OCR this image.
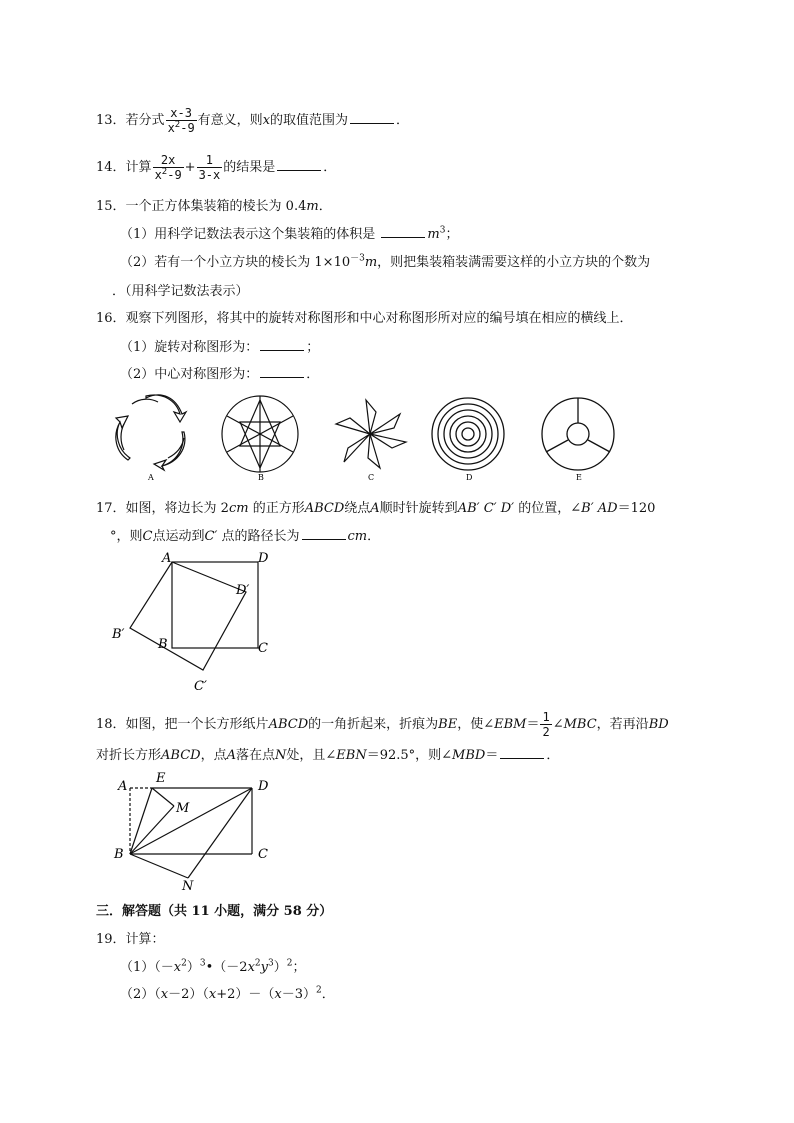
13．若分式 $\frac{x-3}{x^2-9}$ 有意义，则x的取值范围为	．
14．计算 $\frac{2x}{x^2-9} + \frac{1}{3-x}$ 的结果是	．
15．一个正方体集装箱的棱长为 0.4m．
（1）用科学记数法表示这个集装箱的体积是	$m^3$；
（2）若有一个小立方块的棱长为 $1\times 10^{-3}m$，则把集装箱装满需要这样的小立方块的个数为
．（用科学记数法表示）
16．观察下列图形，将其中的旋转对称图形和中心对称图形所对应的编号填在相应的横线上．
（1）旋转对称图形为：	；
（2）中心对称图形为：	．
A	B	C	D	E
17．如图，将边长为 2cm 的正方形ABCD绕点A顺时针旋转到AB′ C′ D′ 的位置，∠B′ AD＝120
°，则C点运动到C′ 点的路径长为	cm．
A	D
D′
B′
B	C
C′
18．如图，把一个长方形纸片ABCD的一角折起来，折痕为BE，使∠EBM＝ $\frac{1}{2}$ ∠MBC，若再沿BD
对折长方形ABCD，点A落在点N处，且∠EBN＝92.5°，则∠MBD＝	．
A
E
D
M
B	C
N
三．解答题（共 11 小题，满分 58 分）
19．计算：
$(1)(-x^2)^3•(-2x^2y^3)^2$；
$(2)(x-2)(x+2)-(x-3)^2$．
